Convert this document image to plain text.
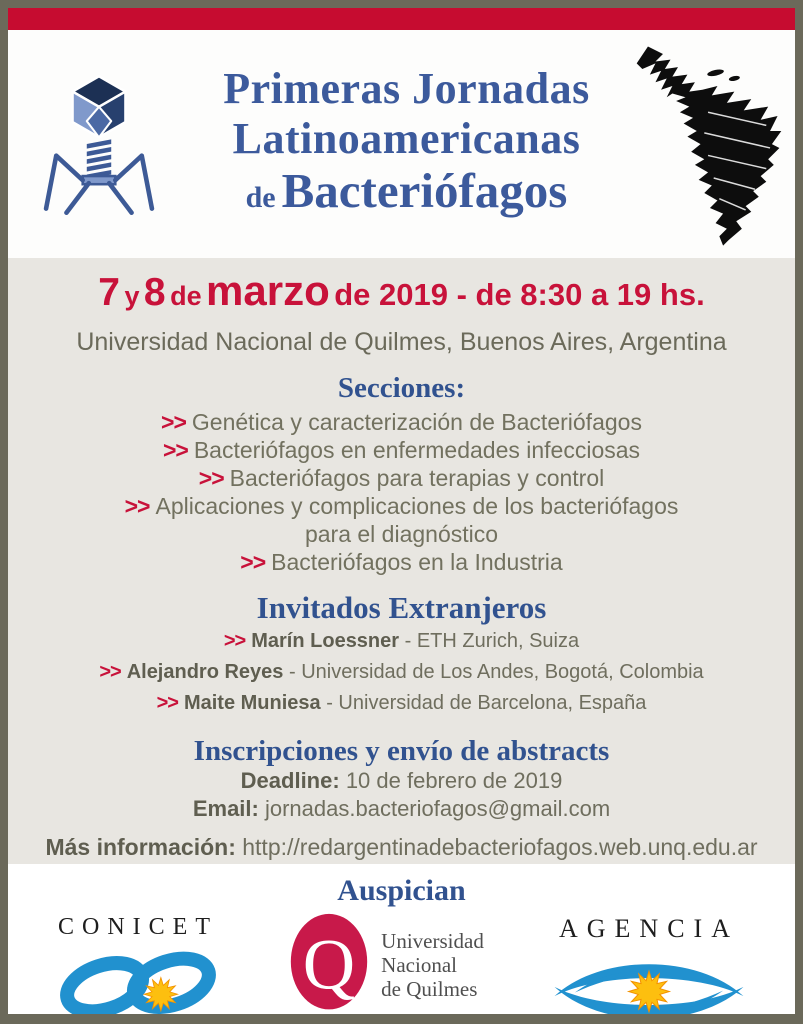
Primeras Jornadas
Latinoamericanas
de Bacteriófagos
7 y 8 de marzo de 2019 - de 8:30 a 19 hs.
Universidad Nacional de Quilmes, Buenos Aires, Argentina
Secciones:
>> Genética y caracterización de Bacteriófagos
>> Bacteriófagos en enfermedades infecciosas
>> Bacteriófagos para terapias y control
>> Aplicaciones y complicaciones de los bacteriófagos para el diagnóstico
>> Bacteriófagos en la Industria
Invitados Extranjeros
>> Marín Loessner - ETH Zurich, Suiza
>> Alejandro Reyes - Universidad de Los Andes, Bogotá, Colombia
>> Maite Muniesa - Universidad de Barcelona, España
Inscripciones y envío de abstracts
Deadline: 10 de febrero de 2019
Email: jornadas.bacteriofagos@gmail.com
Más información: http://redargentinadebacteriofagos.web.unq.edu.ar
Auspician
CONICET Q Universidad
Nacional
de Quilmes
AGENCIA
